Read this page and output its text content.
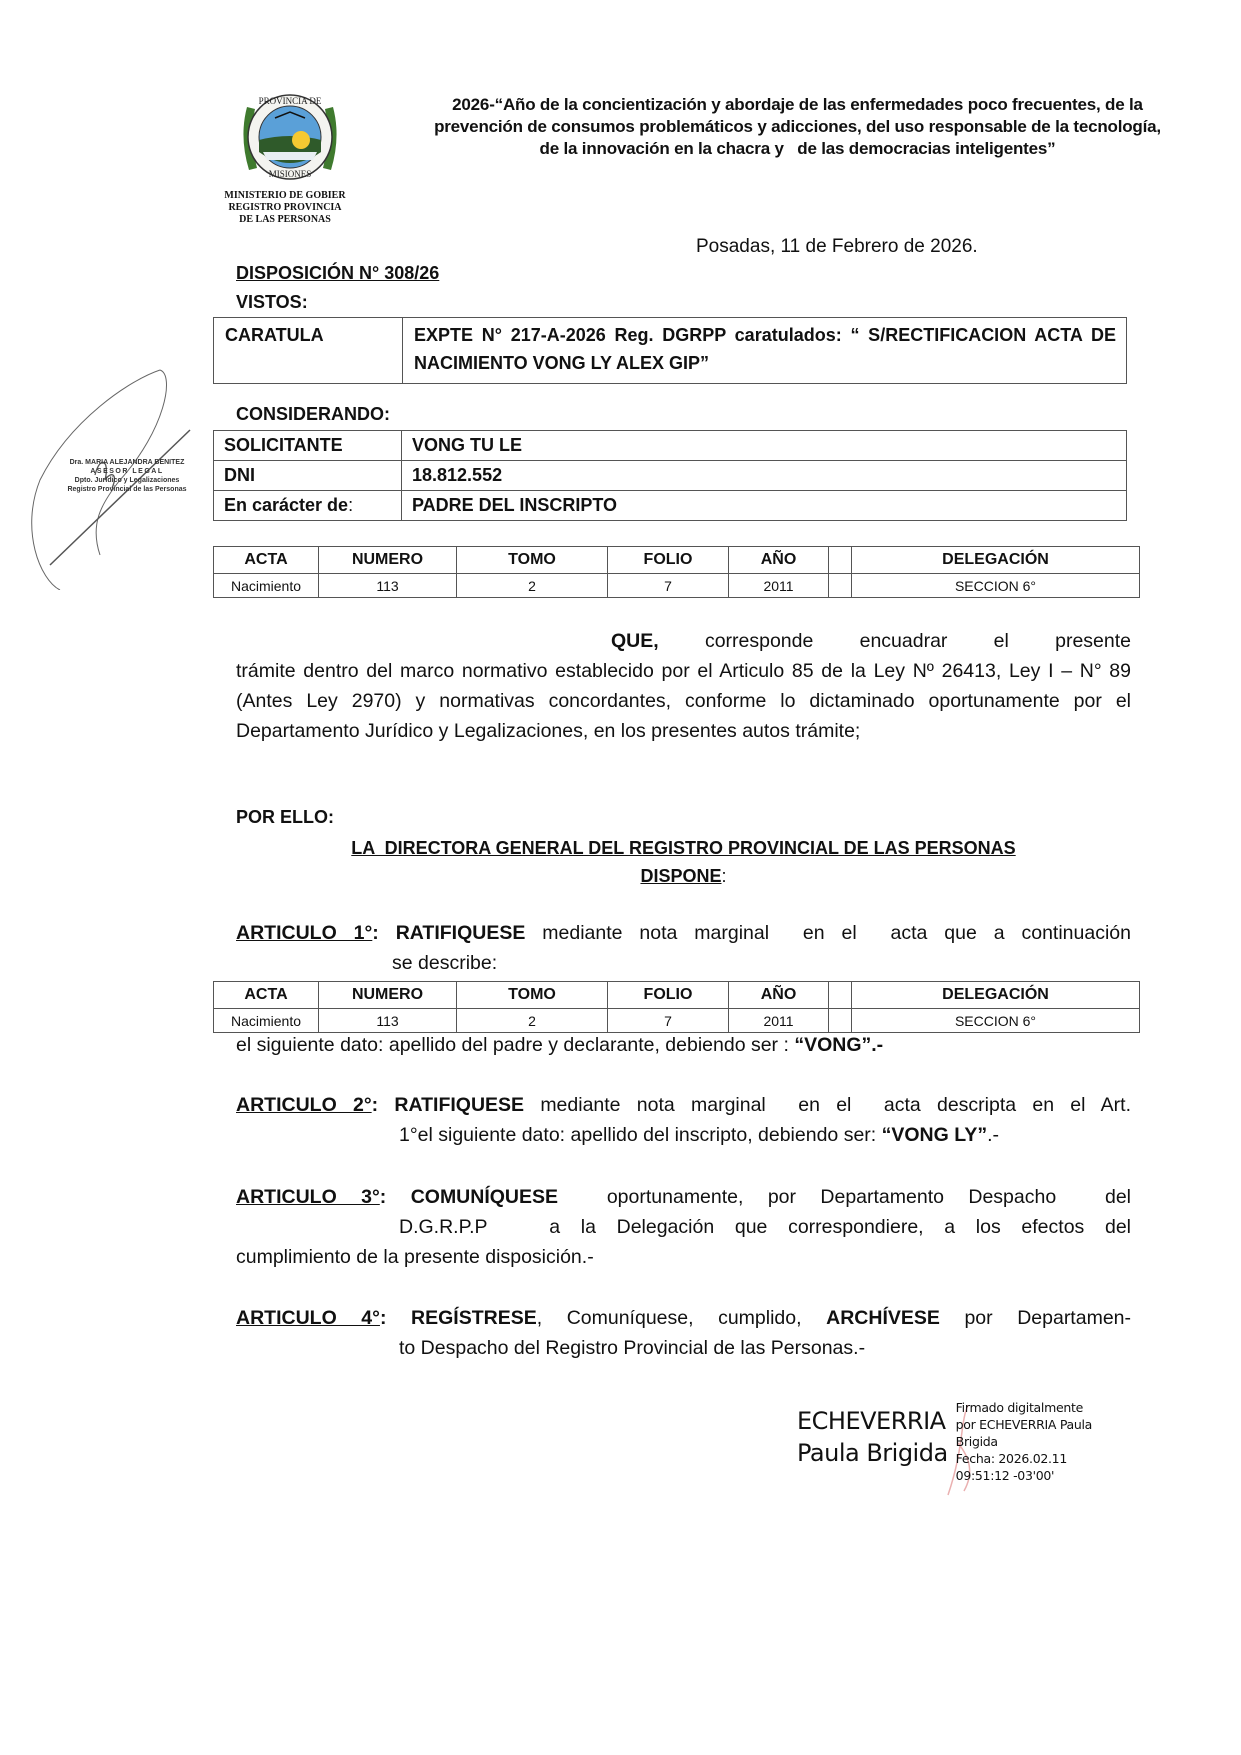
PROVINCIA DE
MISIONES
MINISTERIO DE GOBIER
REGISTRO PROVINCIA
DE LAS PERSONAS
2026-“Año de la concientización y abordaje de las enfermedades poco frecuentes, de la
prevención de consumos problemáticos y adicciones, del uso responsable de la tecnología,
de la innovación en la chacra y   de las democracias inteligentes”
Dra. MARIA ALEJANDRA BENITEZ
ASESOR LEGAL
Dpto. Jurídico y Legalizaciones
Registro Provincial de las Personas
Posadas, 11 de Febrero de 2026.
DISPOSICIÓN N° 308/26
VISTOS:
CARATULA	EXPTE N° 217-A-2026 Reg. DGRPP caratulados: “ S/RECTIFICACION ACTA DE NACIMIENTO VONG LY ALEX GIP”
CONSIDERANDO:
SOLICITANTE	VONG TU LE
DNI	18.812.552
En carácter de:	PADRE DEL INSCRIPTO
ACTA	NUMERO	TOMO	FOLIO	AÑO		DELEGACIÓN
Nacimiento	113	2	7	2011		SECCION 6°
QUE, corresponde encuadrar el presente
trámite dentro del marco normativo establecido por el Articulo 85 de la Ley Nº 26413, Ley I – N° 89 (Antes Ley 2970) y normativas concordantes, conforme lo dictaminado oportunamente por el Departamento Jurídico y Legalizaciones, en los presentes autos trámite;
POR ELLO:
LA  DIRECTORA GENERAL DEL REGISTRO PROVINCIAL DE LAS PERSONAS
DISPONE:
ARTICULO 1°: RATIFIQUESE mediante nota marginal  en el  acta que a continuación
se describe:
ACTA	NUMERO	TOMO	FOLIO	AÑO		DELEGACIÓN
Nacimiento	113	2	7	2011		SECCION 6°
el siguiente dato: apellido del padre y declarante, debiendo ser : “VONG”.-
ARTICULO 2°: RATIFIQUESE mediante nota marginal  en el  acta descripta en el Art.
1°el siguiente dato: apellido del inscripto, debiendo ser: “VONG LY”.-
ARTICULO 3°: COMUNÍQUESE  oportunamente, por Departamento Despacho  del
D.G.R.P.P   a la Delegación que correspondiere, a los efectos del
cumplimiento de la presente disposición.-
ARTICULO 4°: REGÍSTRESE, Comuníquese, cumplido, ARCHÍVESE por Departamen-
to Despacho del Registro Provincial de las Personas.-
ECHEVERRIA
Paula Brigida
Firmado digitalmente
por ECHEVERRIA Paula
Brigida
Fecha: 2026.02.11
09:51:12 -03'00'
